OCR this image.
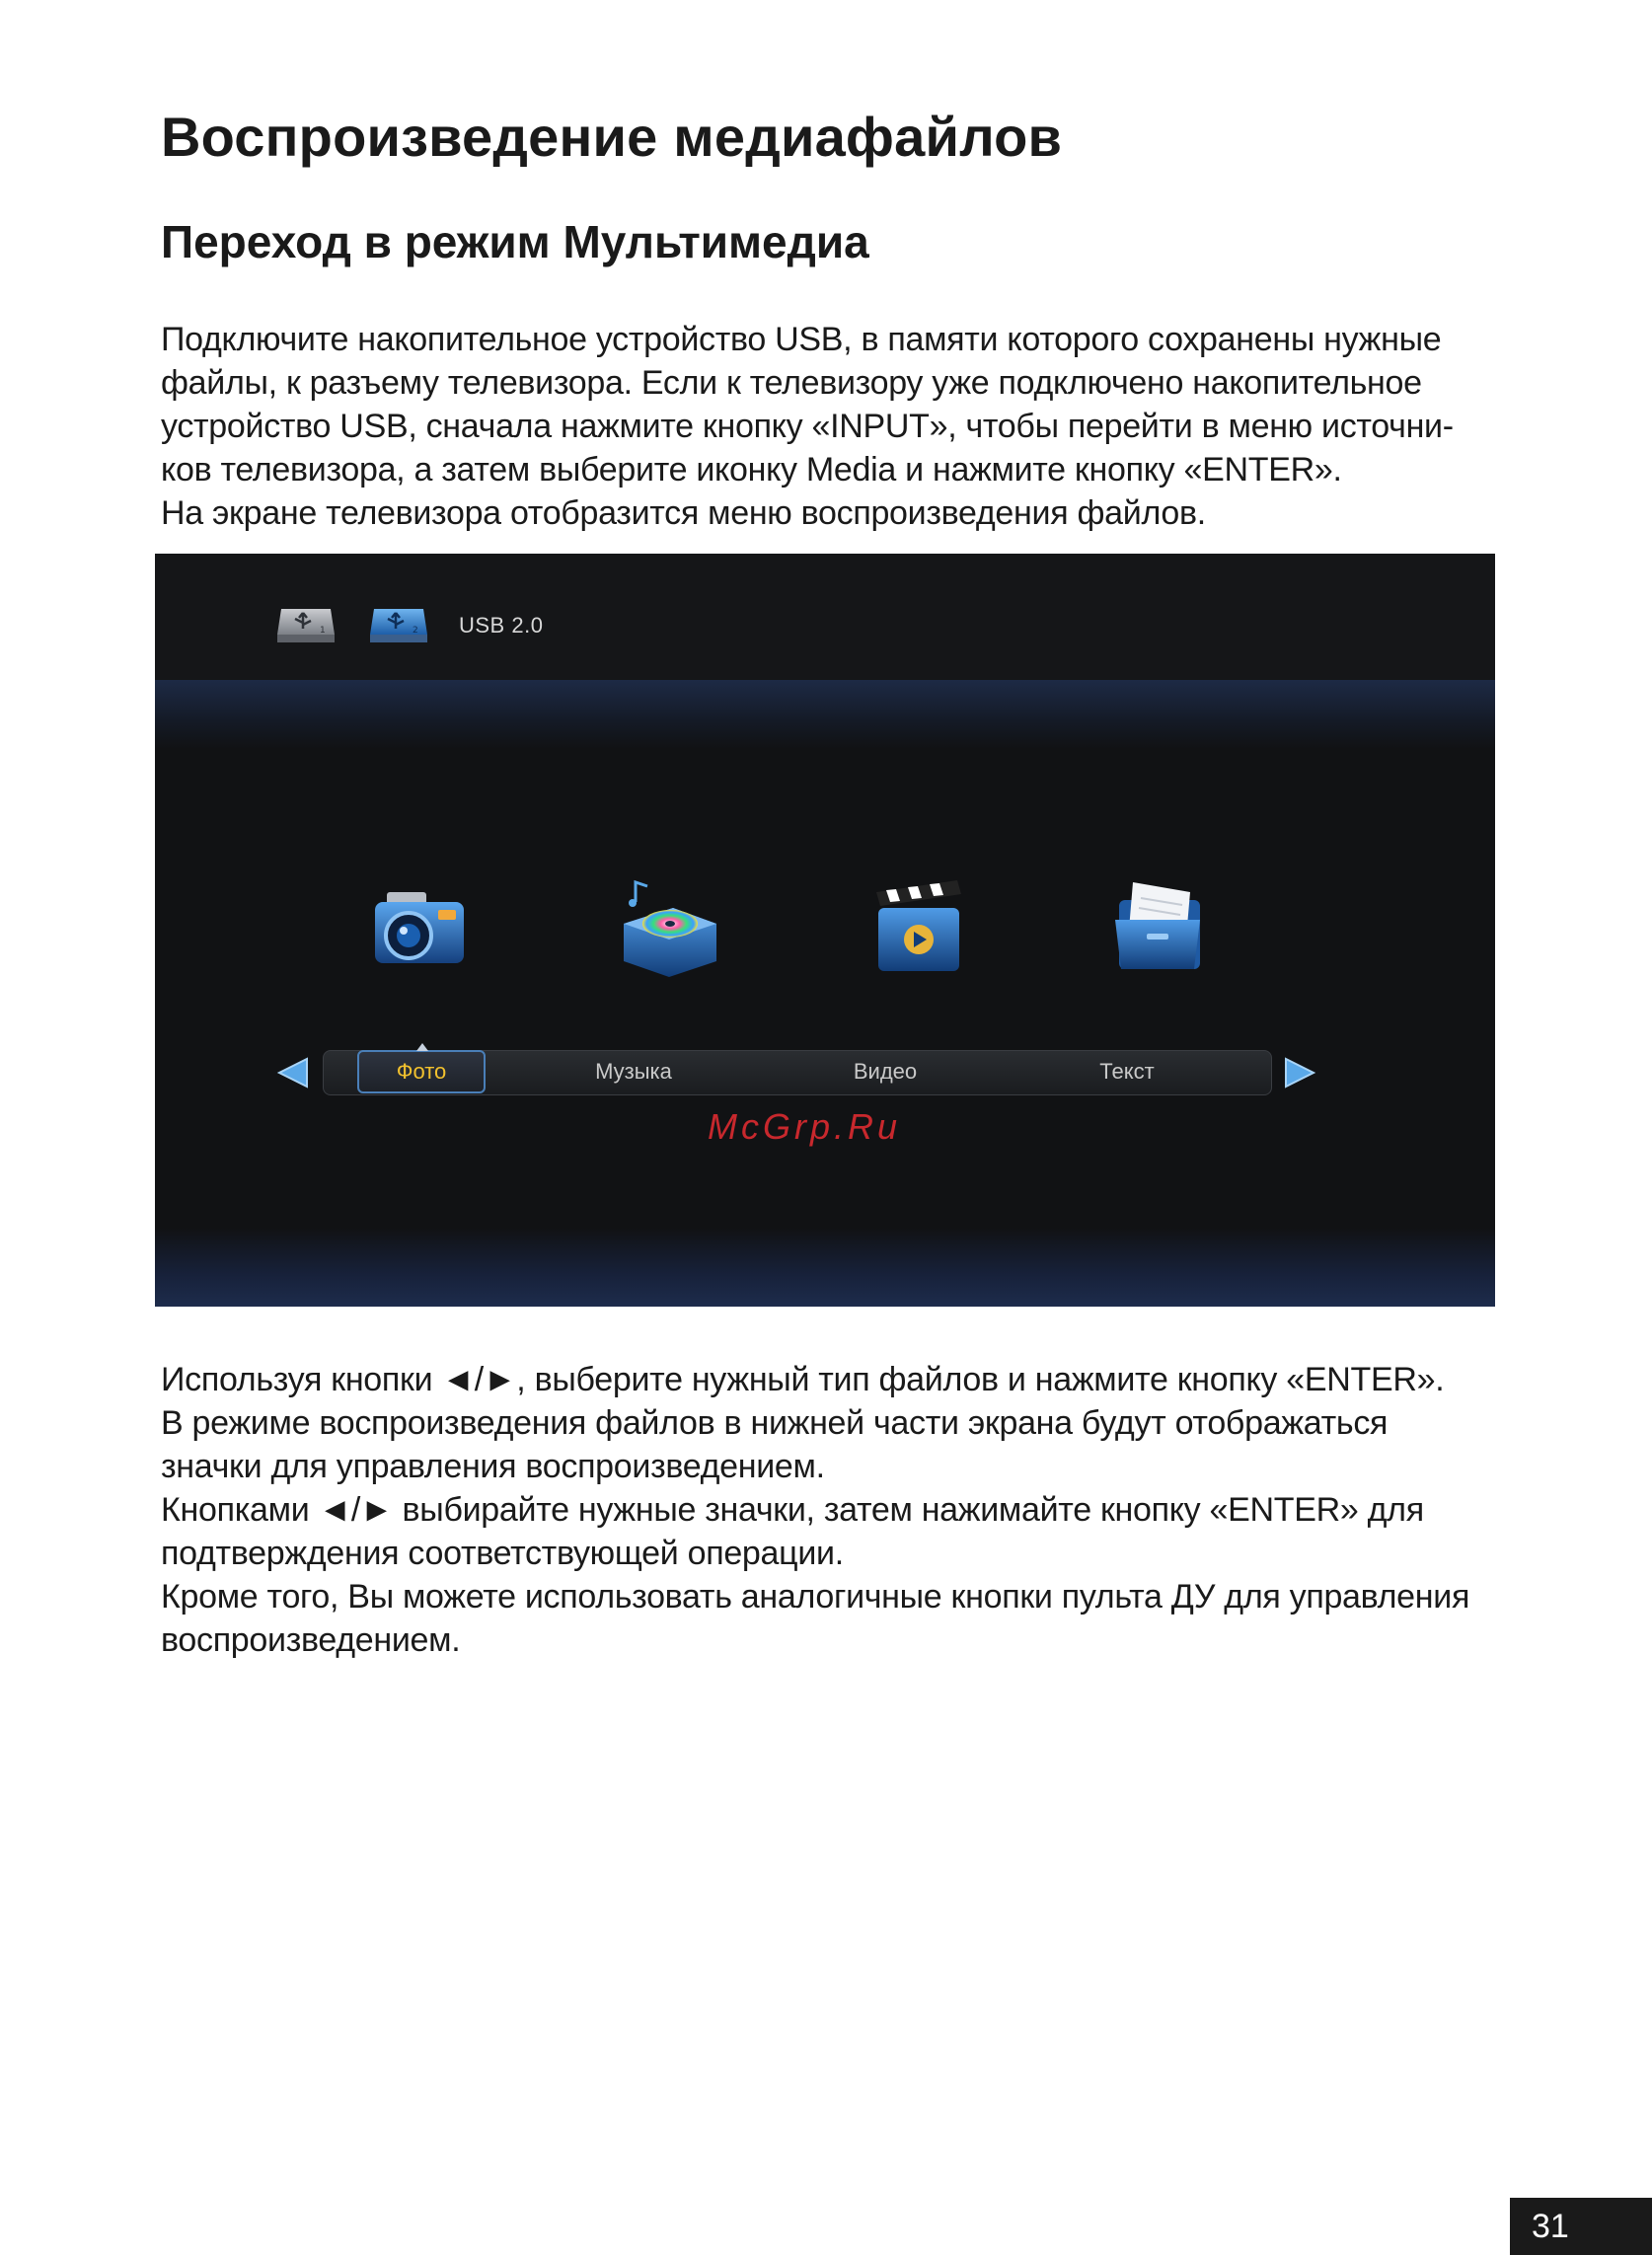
Воспроизведение медиафайлов
Переход в режим Мультимедиа

Подключите накопительное устройство USB, в памяти которого сохранены нужные
файлы, к разъему телевизора. Если к телевизору уже подключено накопительное
устройство USB, сначала нажмите кнопку «INPUT», чтобы перейти в меню источни-
ков телевизора, а затем выберите иконку Media и нажмите кнопку «ENTER».
На экране телевизора отобразится меню воспроизведения файлов.

1	2 USB 2.0
Фото	Музыка	Видео	Текст
McGrp.Ru

Используя кнопки ◄/►, выберите нужный тип файлов и нажмите кнопку «ENTER».
В режиме воспроизведения файлов в нижней части экрана будут отображаться
значки для управления воспроизведением.
Кнопками ◄/► выбирайте нужные значки, затем нажимайте кнопку «ENTER» для
подтверждения соответствующей операции.
Кроме того, Вы можете использовать аналогичные кнопки пульта ДУ для управления
воспроизведением.

31
